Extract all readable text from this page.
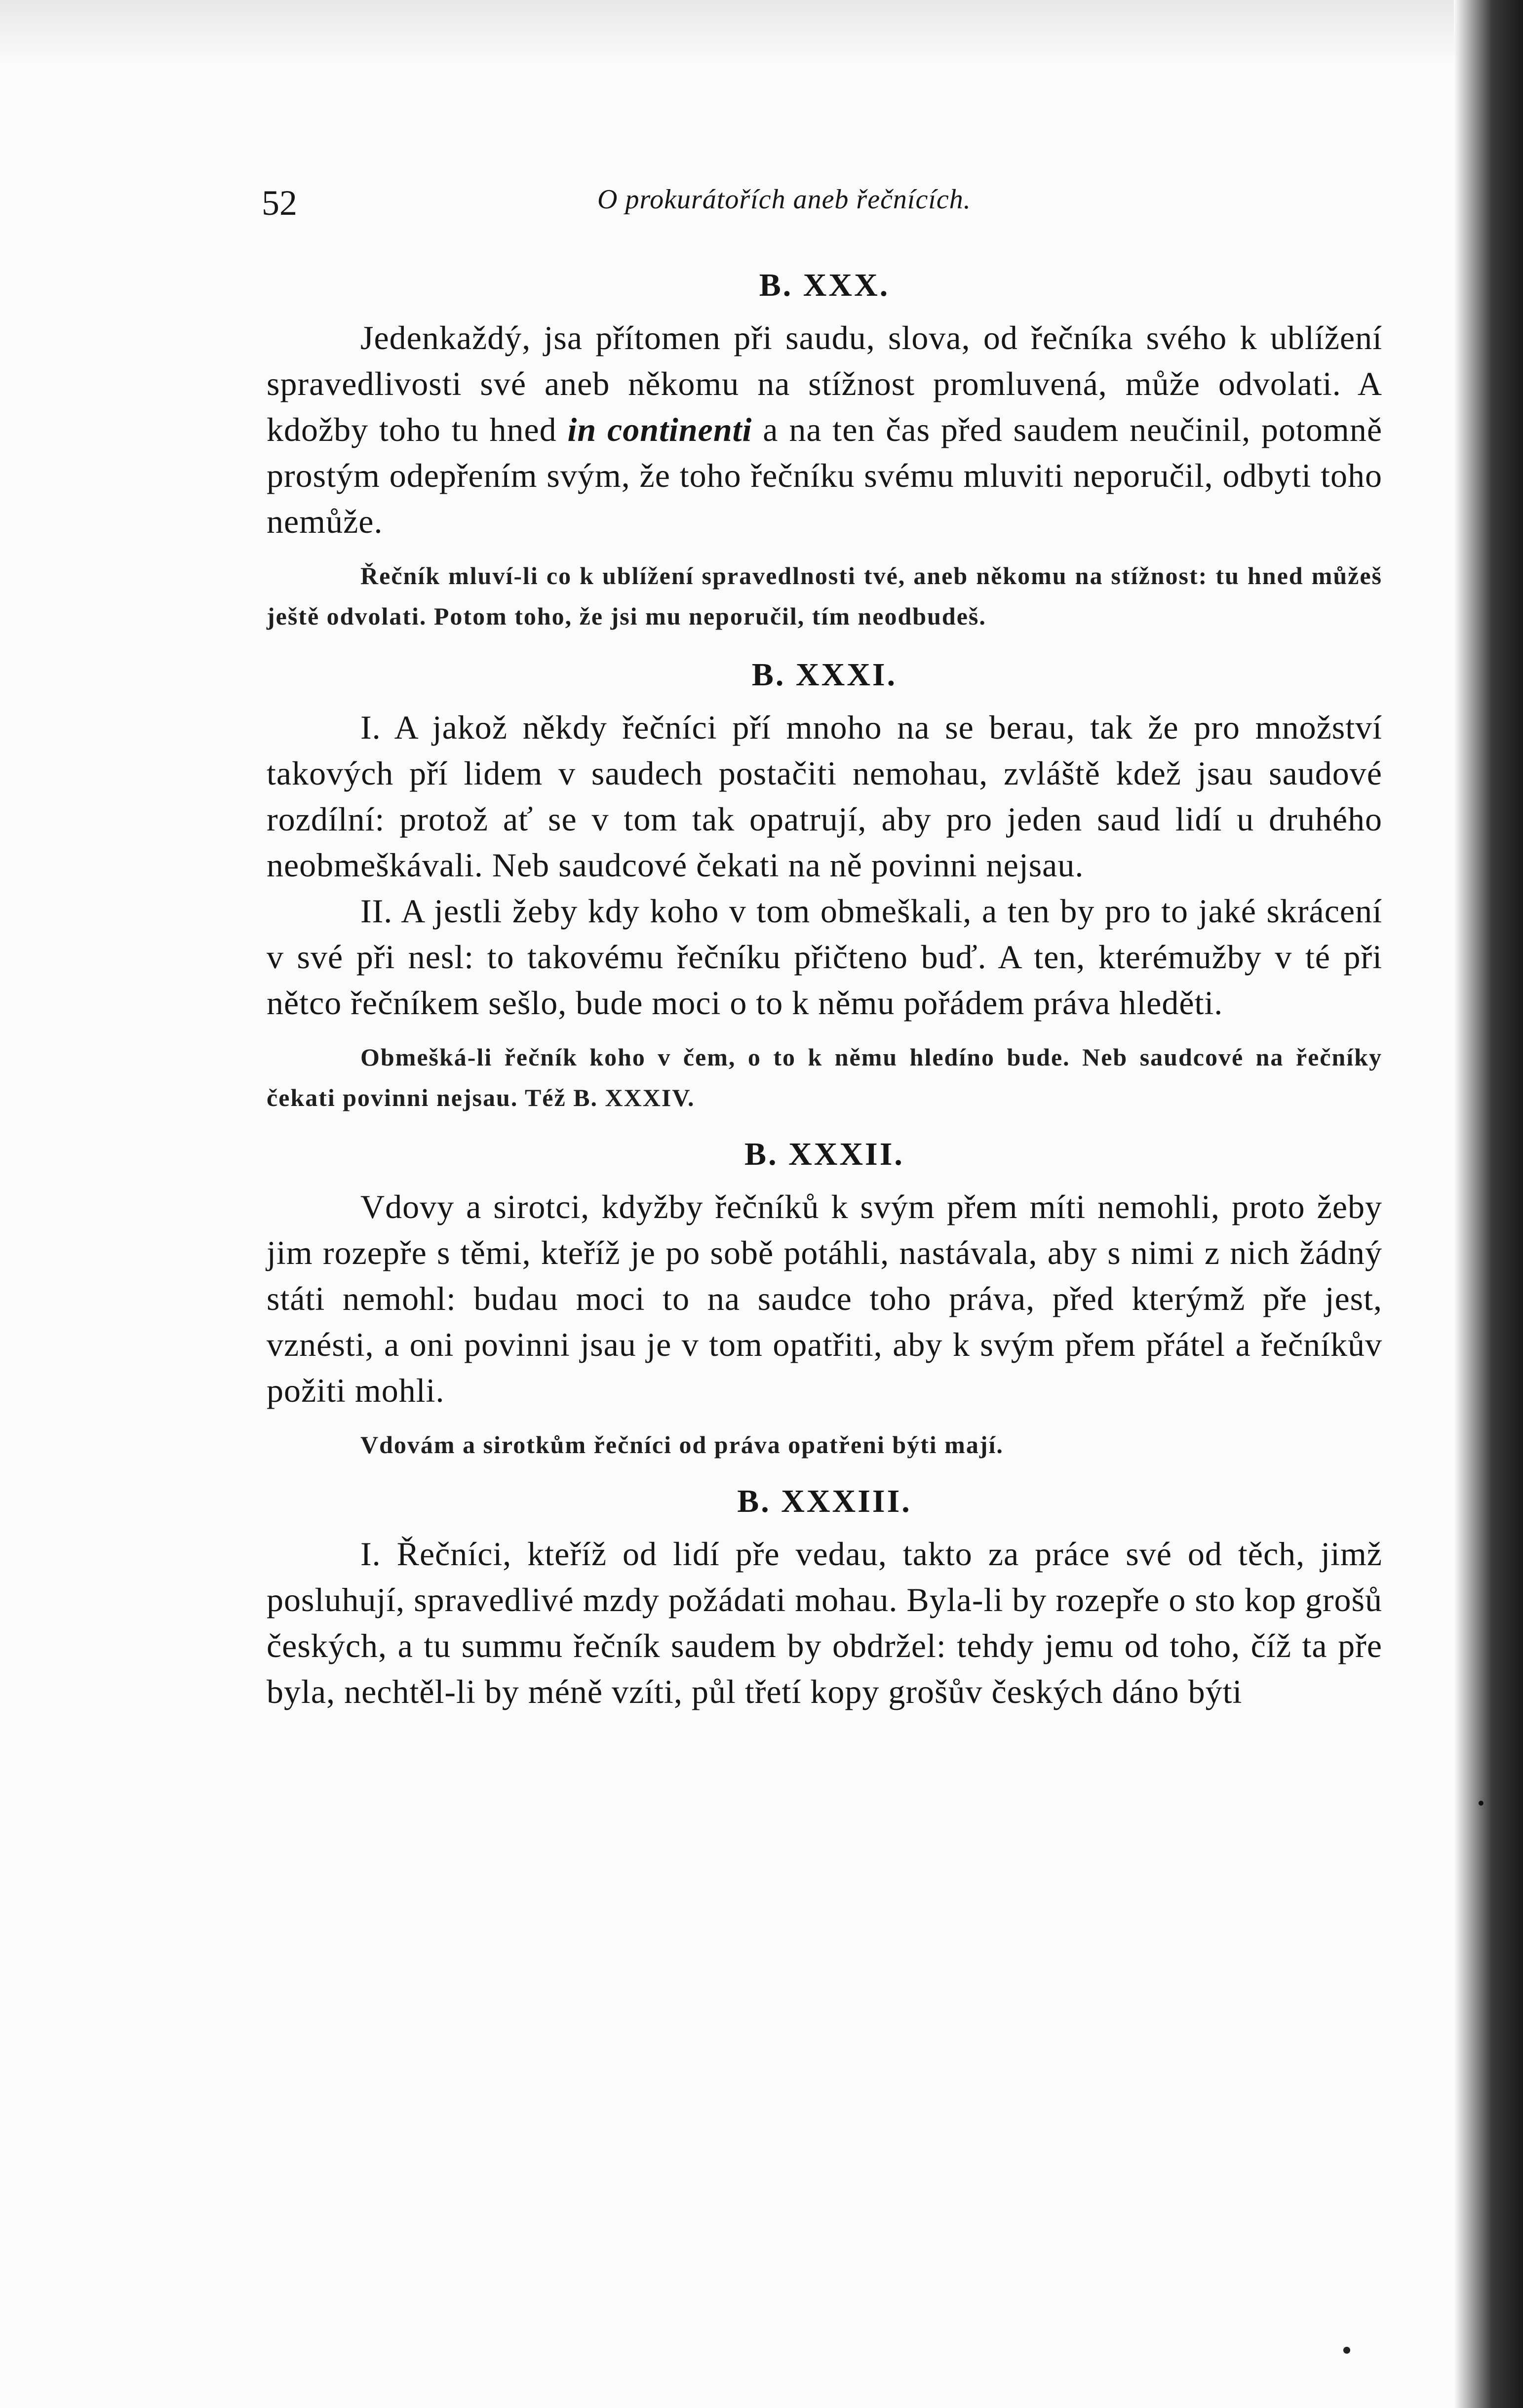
52	O prokurátořích aneb řečnících.
B. XXX.

Jedenkaždý, jsa přítomen při saudu, slova, od řečníka svého k ublížení spravedlivosti své aneb někomu na stížnost promluvená, může odvolati. A kdožby toho tu hned in continenti a na ten čas před saudem neučinil, potomně prostým odepřením svým, že toho řečníku svému mluviti neporučil, odbyti toho nemůže.

Řečník mluví-li co k ublížení spravedlnosti tvé, aneb někomu na stížnost: tu hned můžeš ještě odvolati. Potom toho, že jsi mu neporučil, tím neodbudeš.

B. XXXI.

I. A jakož někdy řečníci pří mnoho na se berau, tak že pro množství takových pří lidem v saudech postačiti nemohau, zvláště kdež jsau saudové rozdílní: protož ať se v tom tak opatrují, aby pro jeden saud lidí u druhého neobmeškávali. Neb saudcové čekati na ně povinni nejsau.

II. A jestli žeby kdy koho v tom obmeškali, a ten by pro to jaké skrácení v své při nesl: to takovému řečníku přičteno buď. A ten, kterémužby v té při nětco řečníkem sešlo, bude moci o to k němu pořádem práva hleděti.

Obmešká-li řečník koho v čem, o to k němu hledíno bude. Neb saudcové na řečníky čekati povinni nejsau. Též B. XXXIV.

B. XXXII.

Vdovy a sirotci, kdyžby řečníků k svým přem míti nemohli, proto žeby jim rozepře s těmi, kteříž je po sobě potáhli, nastávala, aby s nimi z nich žádný státi nemohl: budau moci to na saudce toho práva, před kterýmž pře jest, vznésti, a oni povinni jsau je v tom opatřiti, aby k svým přem přátel a řečníkův požiti mohli.

Vdovám a sirotkům řečníci od práva opatřeni býti mají.

B. XXXIII.

I. Řečníci, kteříž od lidí pře vedau, takto za práce své od těch, jimž posluhují, spravedlivé mzdy požádati mohau. Byla-li by rozepře o sto kop grošů českých, a tu summu řečník saudem by obdržel: tehdy jemu od toho, číž ta pře byla, nechtěl-li by méně vzíti, půl třetí kopy grošův českých dáno býti
